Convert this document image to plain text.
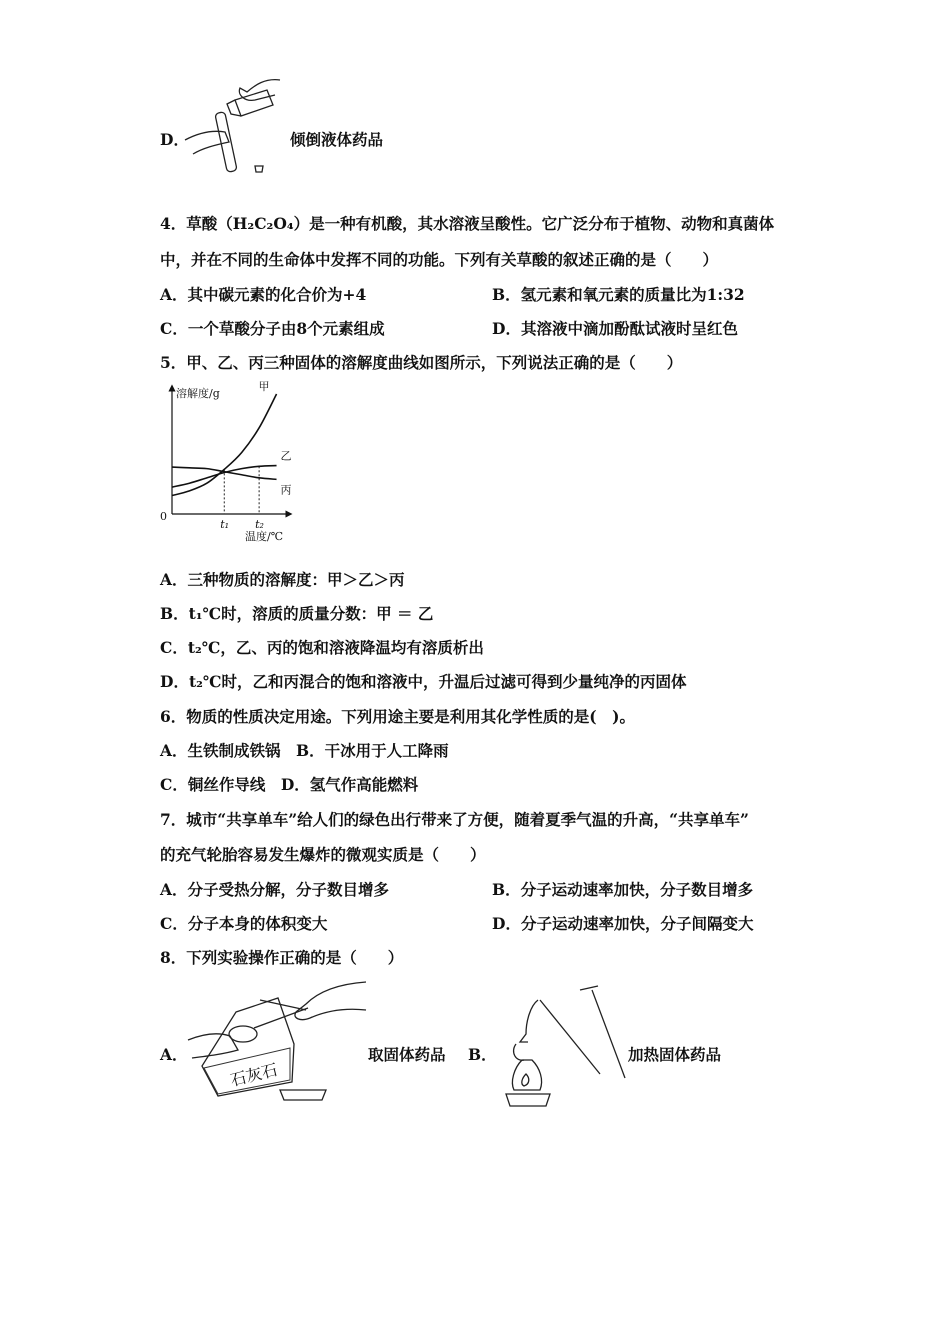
D．	倾倒液体药品
4．草酸（H₂C₂O₄）是一种有机酸，其水溶液呈酸性。它广泛分布于植物、动物和真菌体
中，并在不同的生命体中发挥不同的功能。下列有关草酸的叙述正确的是（　　）
A．其中碳元素的化合价为+4	B．氢元素和氧元素的质量比为1:32
C．一个草酸分子由8个元素组成	D．其溶液中滴加酚酞试液时呈红色
5．甲、乙、丙三种固体的溶解度曲线如图所示，下列说法正确的是（　　）
溶解度/g
0
温度/℃
t₁ t₂
甲
乙
丙
A．三种物质的溶解度：甲＞乙＞丙
B．t₁℃时，溶质的质量分数：甲 ＝ 乙
C．t₂℃，乙、丙的饱和溶液降温均有溶质析出
D．t₂℃时，乙和丙混合的饱和溶液中，升温后过滤可得到少量纯净的丙固体
6．物质的性质决定用途。下列用途主要是利用其化学性质的是(　)。
A．生铁制成铁锅　B．干冰用于人工降雨
C．铜丝作导线　D．氢气作高能燃料
7．城市“共享单车”给人们的绿色出行带来了方便，随着夏季气温的升高，“共享单车”
的充气轮胎容易发生爆炸的微观实质是（　　）
A．分子受热分解，分子数目增多	B．分子运动速率加快，分子数目增多
C．分子本身的体积变大	D．分子运动速率加快，分子间隔变大
8．下列实验操作正确的是（　　）
A．
石灰石
取固体药品 B．	加热固体药品
